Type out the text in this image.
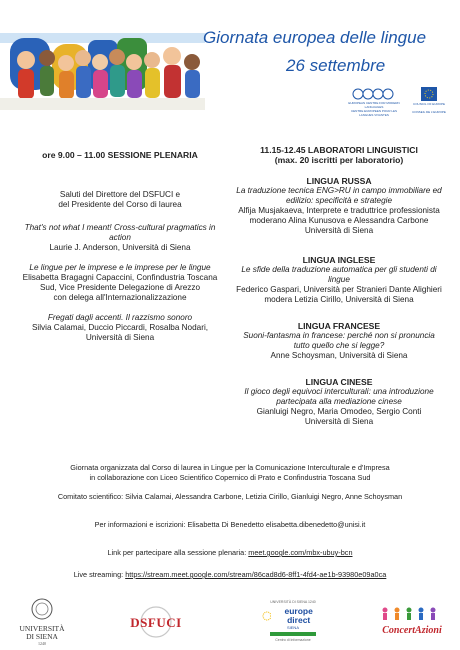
Giornata europea delle lingue
26 settembre
EUROPEAN CENTRE FOR MODERN LANGUAGES
CENTRE EUROPEEN POUR LES LANGUES VIVANTES
COUNCIL OF EUROPE
CONSEIL DE L'EUROPE

ore 9.00 – 11.00 SESSIONE PLENARIA

Saluti del Direttore del DSFUCI e

del Presidente del Corso di laurea

That's not what I meant! Cross-cultural pragmatics in

action

Laurie J. Anderson, Università di Siena

Le lingue per le imprese e le imprese per le lingue

Elisabetta Bragagni Capaccini, Confindustria Toscana

Sud, Vice Presidente Delegazione di Arezzo

con delega all'Internazionalizzazione

Fregati dagli accenti. Il razzismo sonoro

Silvia Calamai, Duccio Piccardi, Rosalba Nodari,

Università di Siena

11.15-12.45 LABORATORI LINGUISTICI

(max. 20 iscritti per laboratorio)

LINGUA RUSSA

La traduzione tecnica ENG>RU in campo immobiliare ed

edilizio: specificità e strategie

Alfija Musjakaeva, Interprete e traduttrice professionista

moderano Alina Kunusova e Alessandra Carbone

Università di Siena

LINGUA INGLESE

Le sfide della traduzione automatica per gli studenti di

lingue

Federico Gaspari, Università per Stranieri Dante Alighieri

modera Letizia Cirillo, Università di Siena

LINGUA FRANCESE

Suoni-fantasma in francese: perché non si pronuncia

tutto quello che si legge?

Anne Schoysman, Università di Siena

LINGUA CINESE

Il gioco degli equivoci interculturali: una introduzione

partecipata alla mediazione cinese

Gianluigi Negro, Maria Omodeo, Sergio Conti

Università di Siena

Giornata organizzata dal Corso di laurea in Lingue per la Comunicazione Interculturale e d'Impresa

in collaborazione con Liceo Scientifico Copernico di Prato e Confindustria Toscana Sud

Comitato scientifico: Silvia Calamai, Alessandra Carbone, Letizia Cirillo, Gianluigi Negro, Anne Schoysman
Per informazioni e iscrizioni: Elisabetta Di Benedetto elisabetta.dibenedetto@unisi.it
Link per partecipare alla sessione plenaria: meet.google.com/mbx-ubuy-bcn
Live streaming: https://stream.meet.google.com/stream/86cad8d6-8ff1-4fd4-ae1b-93980e09a0ca
UNIVERSITÀ
DI SIENA
1240
DSFUCI
UNIVERSITÀ DI SIENA 1240
europe direct
SIENA
Centro di Informazione
ConcertAzioni
